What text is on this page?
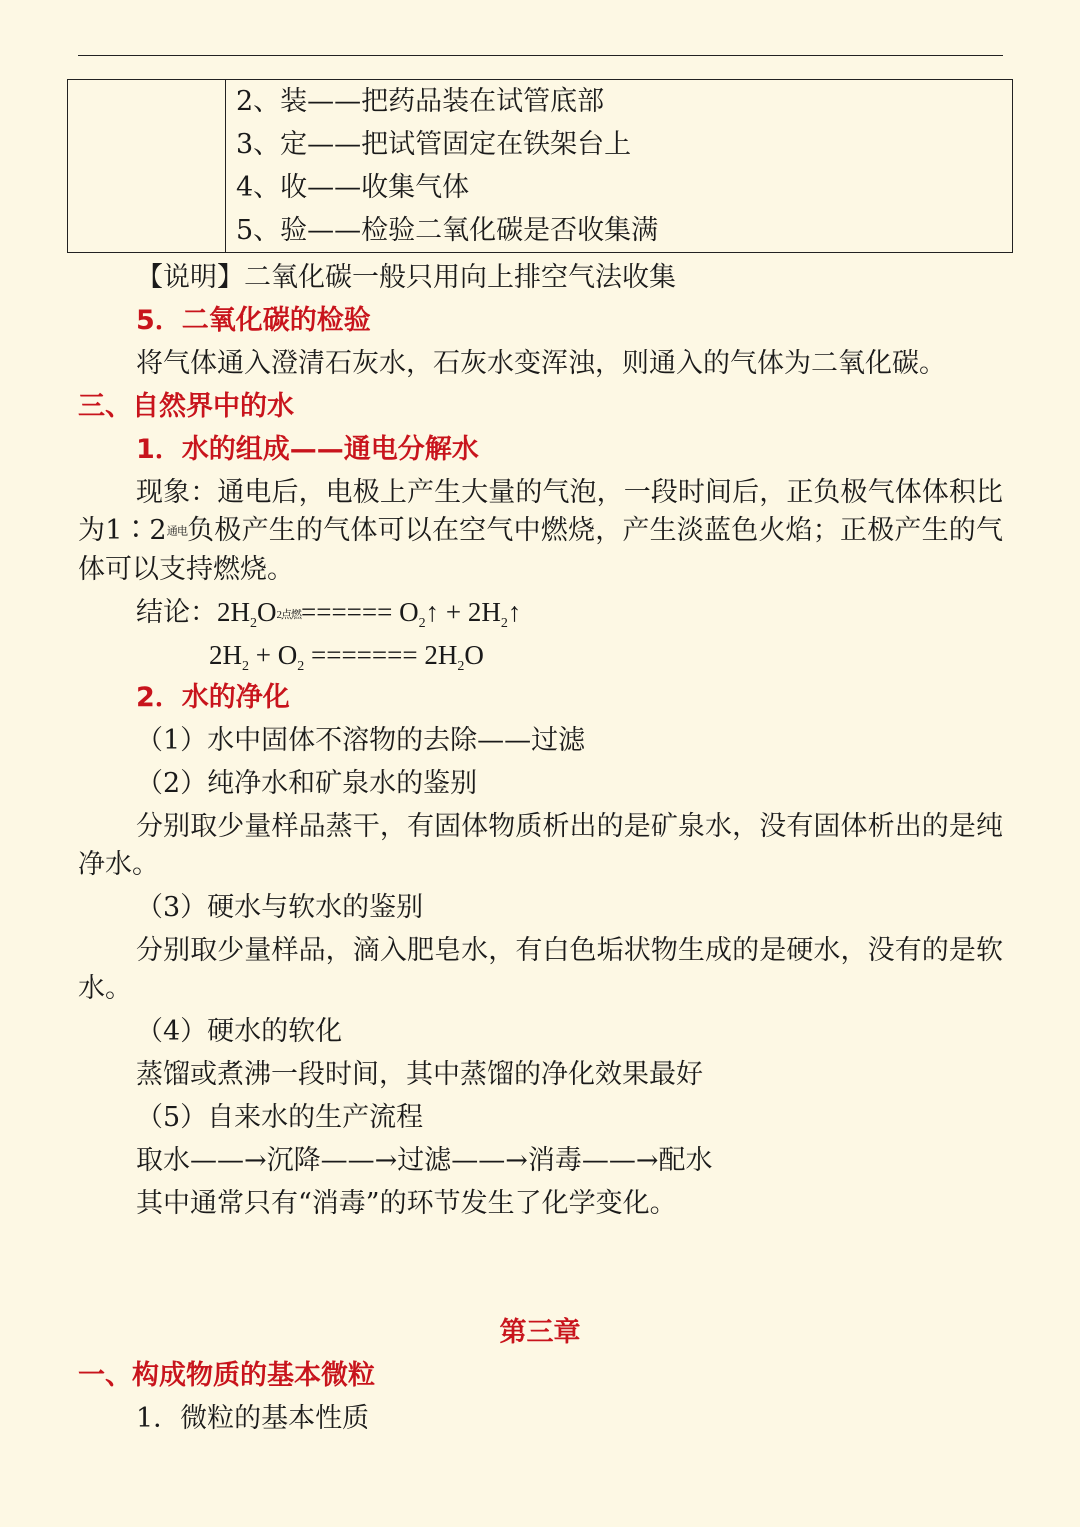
2、装——把药品装在试管底部
3、定——把试管固定在铁架台上
4、收——收集气体
5、验——检验二氧化碳是否收集满
【说明】二氧化碳一般只用向上排空气法收集
5．二氧化碳的检验
将气体通入澄清石灰水，石灰水变浑浊，则通入的气体为二氧化碳。
三、自然界中的水
1．水的组成——通电分解水
现象：通电后，电极上产生大量的气泡，一段时间后，正负极气体体积比为1∶2通电负极产生的气体可以在空气中燃烧，产生淡蓝色火焰；正极产生的气体可以支持燃烧。
结论：$2H_2O2$点燃====== $O_2↑$ + $2H_2↑$
$2H_2 + O_2$ ======= $2H_2O$
2．水的净化
（1）水中固体不溶物的去除——过滤
（2）纯净水和矿泉水的鉴别
分别取少量样品蒸干，有固体物质析出的是矿泉水，没有固体析出的是纯净水。
（3）硬水与软水的鉴别
分别取少量样品，滴入肥皂水，有白色垢状物生成的是硬水，没有的是软水。
（4）硬水的软化
蒸馏或煮沸一段时间，其中蒸馏的净化效果最好
（5）自来水的生产流程
取水——→沉降——→过滤——→消毒——→配水
其中通常只有“消毒”的环节发生了化学变化。
第三章
一、构成物质的基本微粒
1．微粒的基本性质
